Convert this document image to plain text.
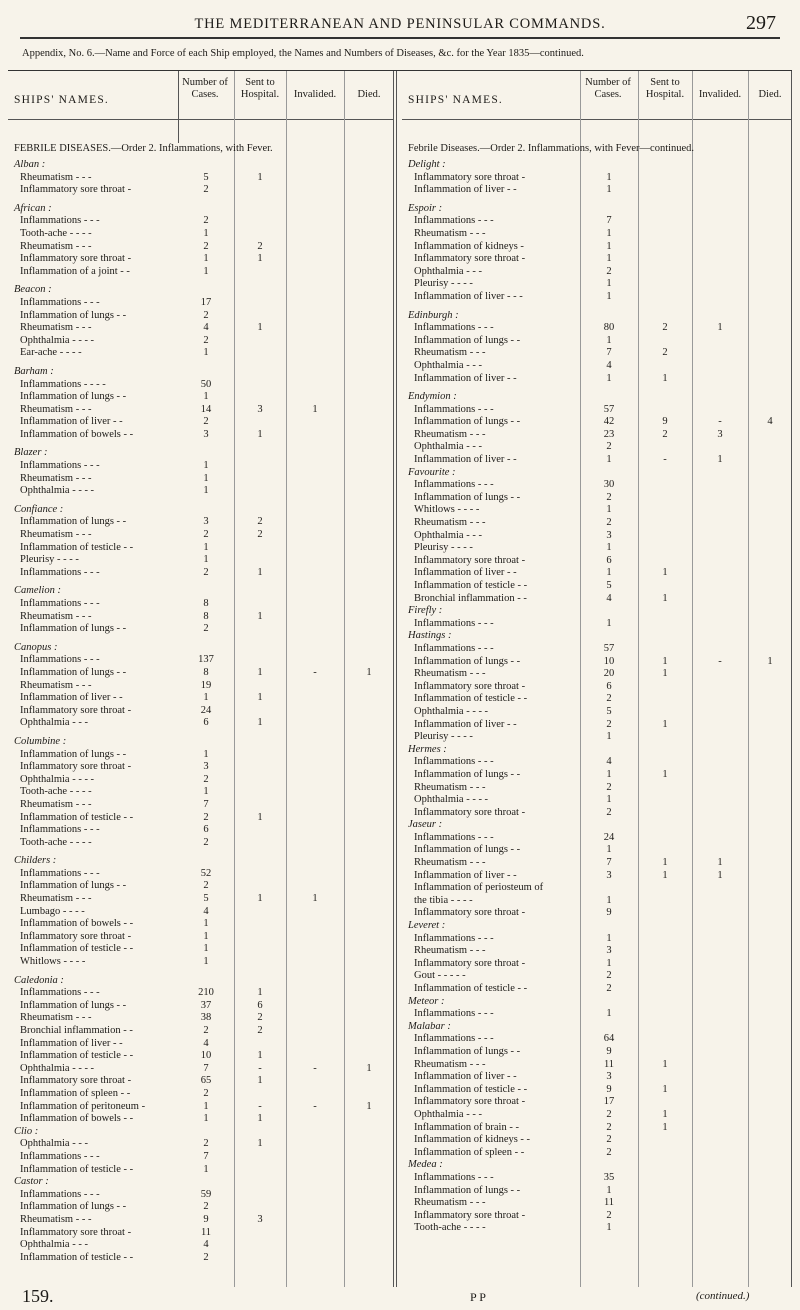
THE MEDITERRANEAN AND PENINSULAR COMMANDS.	297
Appendix, No. 6.—Name and Force of each Ship employed, the Names and Numbers of Diseases, &c. for the Year 1835—continued.
SHIPS' NAMES.
Number of Cases.
Sent to Hospital.	Invalided.	Died.
FEBRILE DISEASES.—Order 2. Inflammations, with Fever.
Alban :
Rheumatism - - -	5	1
Inflammatory sore throat -	2
African :
Inflammations - - -	2
Tooth-ache - - - -	1
Rheumatism - - -	2	2
Inflammatory sore throat -	1	1
Inflammation of a joint - -	1
Beacon :
Inflammations - - -	17
Inflammation of lungs - -	2
Rheumatism - - -	4	1
Ophthalmia - - - -	2
Ear-ache - - - -	1
Barham :
Inflammations - - - -	50
Inflammation of lungs - -	1
Rheumatism - - -	14	3	1
Inflammation of liver - -	2
Inflammation of bowels - -	3	1
Blazer :
Inflammations - - -	1
Rheumatism - - -	1
Ophthalmia - - - -	1
Confiance :
Inflammation of lungs - -	3	2
Rheumatism - - -	2	2
Inflammation of testicle - -	1
Pleurisy - - - -	1
Inflammations - - -	2	1
Camelion :
Inflammations - - -	8
Rheumatism - - -	8	1
Inflammation of lungs - -	2
Canopus :
Inflammations - - -	137
Inflammation of lungs - -	8	1	-	1
Rheumatism - - -	19
Inflammation of liver - -	1	1
Inflammatory sore throat -	24
Ophthalmia - - -	6	1
Columbine :
Inflammation of lungs - -	1
Inflammatory sore throat -	3
Ophthalmia - - - -	2
Tooth-ache - - - -	1
Rheumatism - - -	7
Inflammation of testicle - -	2	1
Inflammations - - -	6
Tooth-ache - - - -	2
Childers :
Inflammations - - -	52
Inflammation of lungs - -	2
Rheumatism - - -	5	1	1
Lumbago - - - -	4
Inflammation of bowels - -	1
Inflammatory sore throat -	1
Inflammation of testicle - -	1
Whitlows - - - -	1
Caledonia :
Inflammations - - -	210	1
Inflammation of lungs - -	37	6
Rheumatism - - -	38	2
Bronchial inflammation - -	2	2
Inflammation of liver - -	4
Inflammation of testicle - -	10	1
Ophthalmia - - - -	7	-	-	1
Inflammatory sore throat -	65	1
Inflammation of spleen - -	2
Inflammation of peritoneum -	1	-	-	1
Inflammation of bowels - -	1	1
Clio :
Ophthalmia - - -	2	1
Inflammations - - -	7
Inflammation of testicle - -	1
Castor :
Inflammations - - -	59
Inflammation of lungs - -	2
Rheumatism - - -	9	3
Inflammatory sore throat -	11
Ophthalmia - - -	4
Inflammation of testicle - -	2
SHIPS' NAMES.
Number of Cases.
Sent to Hospital.	Invalided.	Died.
Febrile Diseases.—Order 2. Inflammations, with Fever—continued.
Delight :
Inflammatory sore throat -	1
Inflammation of liver - -	1
Espoir :
Inflammations - - -	7
Rheumatism - - -	1
Inflammation of kidneys -	1
Inflammatory sore throat -	1
Ophthalmia - - -	2
Pleurisy - - - -	1
Inflammation of liver - - -	1
Edinburgh :
Inflammations - - -	80	2	1
Inflammation of lungs - -	1
Rheumatism - - -	7	2
Ophthalmia - - -	4
Inflammation of liver - -	1	1
Endymion :
Inflammations - - -	57
Inflammation of lungs - -	42	9	-	4
Rheumatism - - -	23	2	3
Ophthalmia - - -	2
Inflammation of liver - -	1	-	1
Favourite :
Inflammations - - -	30
Inflammation of lungs - -	2
Whitlows - - - -	1
Rheumatism - - -	2
Ophthalmia - - -	3
Pleurisy - - - -	1
Inflammatory sore throat -	6
Inflammation of liver - -	1	1
Inflammation of testicle - -	5
Bronchial inflammation - -	4	1
Firefly :
Inflammations - - -	1
Hastings :
Inflammations - - -	57
Inflammation of lungs - -	10	1	-	1
Rheumatism - - -	20	1
Inflammatory sore throat -	6
Inflammation of testicle - -	2
Ophthalmia - - - -	5
Inflammation of liver - -	2	1
Pleurisy - - - -	1
Hermes :
Inflammations - - -	4
Inflammation of lungs - -	1	1
Rheumatism - - -	2
Ophthalmia - - - -	1
Inflammatory sore throat -	2
Jaseur :
Inflammations - - -	24
Inflammation of lungs - -	1
Rheumatism - - -	7	1	1
Inflammation of liver - -	3	1	1
Inflammation of periosteum of
the tibia - - - -	1
Inflammatory sore throat -	9
Leveret :
Inflammations - - -	1
Rheumatism - - -	3
Inflammatory sore throat -	1
Gout - - - - -	2
Inflammation of testicle - -	2
Meteor :
Inflammations - - -	1
Malabar :
Inflammations - - -	64
Inflammation of lungs - -	9
Rheumatism - - -	11	1
Inflammation of liver - -	3
Inflammation of testicle - -	9	1
Inflammatory sore throat -	17
Ophthalmia - - -	2	1
Inflammation of brain - -	2	1
Inflammation of kidneys - -	2
Inflammation of spleen - -	2
Medea :
Inflammations - - -	35
Inflammation of lungs - -	1
Rheumatism - - -	11
Inflammatory sore throat -	2
Tooth-ache - - - -	1
159.	P P	(continued.)
